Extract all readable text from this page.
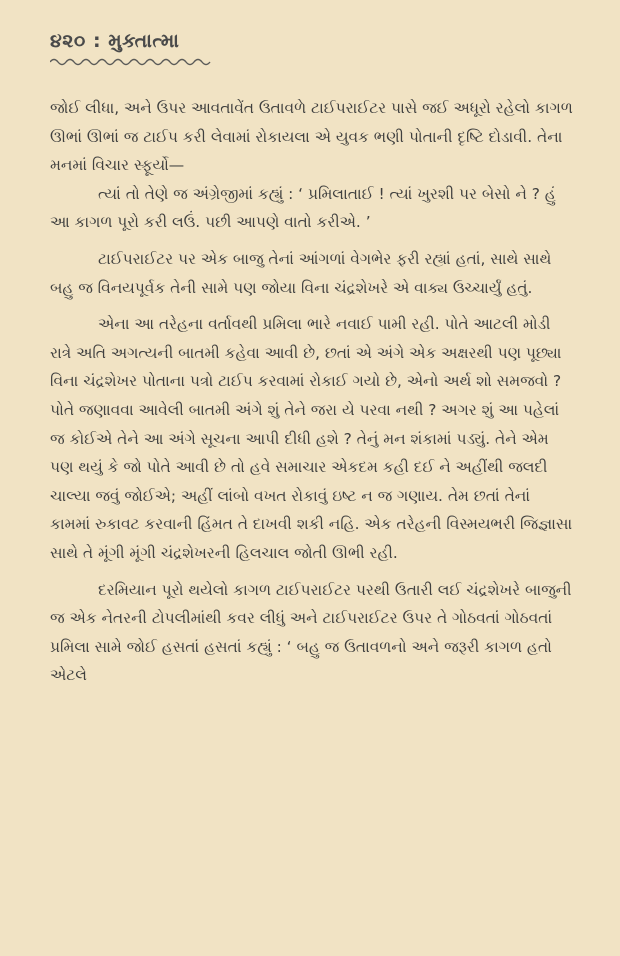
૪૨૦ : મુક્તાત્મા

જોઈ લીધા, અને ઉપર આવતાવેંત ઉતાવળે ટાઈપરાઈટર પાસે જઈ અધૂરો રહેલો કાગળ ઊભાં ઊભાં જ ટાઈપ કરી લેવામાં રોકાયલા એ યુવક ભણી પોતાની દૃષ્ટિ દોડાવી. તેના મનમાં વિચાર સ્ફૂર્યો—

ત્યાં તો તેણે જ અંગ્રેજીમાં કહ્યું : ‘ પ્રમિલાતાઈ ! ત્યાં ખુરશી પર બેસો ને ? હું આ કાગળ પૂરો કરી લઉં. પછી આપણે વાતો કરીએ. ’

ટાઈપરાઈટર પર એક બાજુ તેનાં આંગળાં વેગભેર ફરી રહ્યાં હતાં, સાથે સાથે બહુ જ વિનયપૂર્વક તેની સામે પણ જોયા વિના ચંદ્રશેખરે એ વાક્ય ઉચ્ચાર્યું હતું.

એના આ તરેહના વર્તાવથી પ્રમિલા ભારે નવાઈ પામી રહી. પોતે આટલી મોડી રાત્રે અતિ અગત્યની બાતમી કહેવા આવી છે, છતાં એ અંગે એક અક્ષરથી પણ પૂછ્યા વિના ચંદ્રશેખર પોતાના પત્રો ટાઈપ કરવામાં રોકાઈ ગયો છે, એનો અર્થ શો સમજવો ? પોતે જણાવવા આવેલી બાતમી અંગે શું તેને જરા યે પરવા નથી ? અગર શું આ પહેલાં જ કોઈએ તેને આ અંગે સૂચના આપી દીધી હશે ? તેનું મન શંકામાં પડ્યું. તેને એમ પણ થયું કે જો પોતે આવી છે તો હવે સમાચાર એકદમ કહી દઈ ને અહીંથી જલદી ચાલ્યા જવું જોઈએ; અહીં લાંબો વખત રોકાવું ઇષ્ટ ન જ ગણાય. તેમ છતાં તેનાં કામમાં રુકાવટ કરવાની હિંમત તે દાખવી શકી નહિ. એક તરેહની વિસ્મયભરી જિજ્ઞાસા સાથે તે મૂંગી મૂંગી ચંદ્રશેખરની હિલચાલ જોતી ઊભી રહી.

દરમિયાન પૂરો થયેલો કાગળ ટાઈપરાઈટર પરથી ઉતારી લઈ ચંદ્રશેખરે બાજુની જ એક નેતરની ટોપલીમાંથી કવર લીધું અને ટાઈપરાઈટર ઉપર તે ગોઠવતાં ગોઠવતાં પ્રમિલા સામે જોઈ હસતાં હસતાં કહ્યું : ‘ બહુ જ ઉતાવળનો અને જરૂરી કાગળ હતો એટલે
